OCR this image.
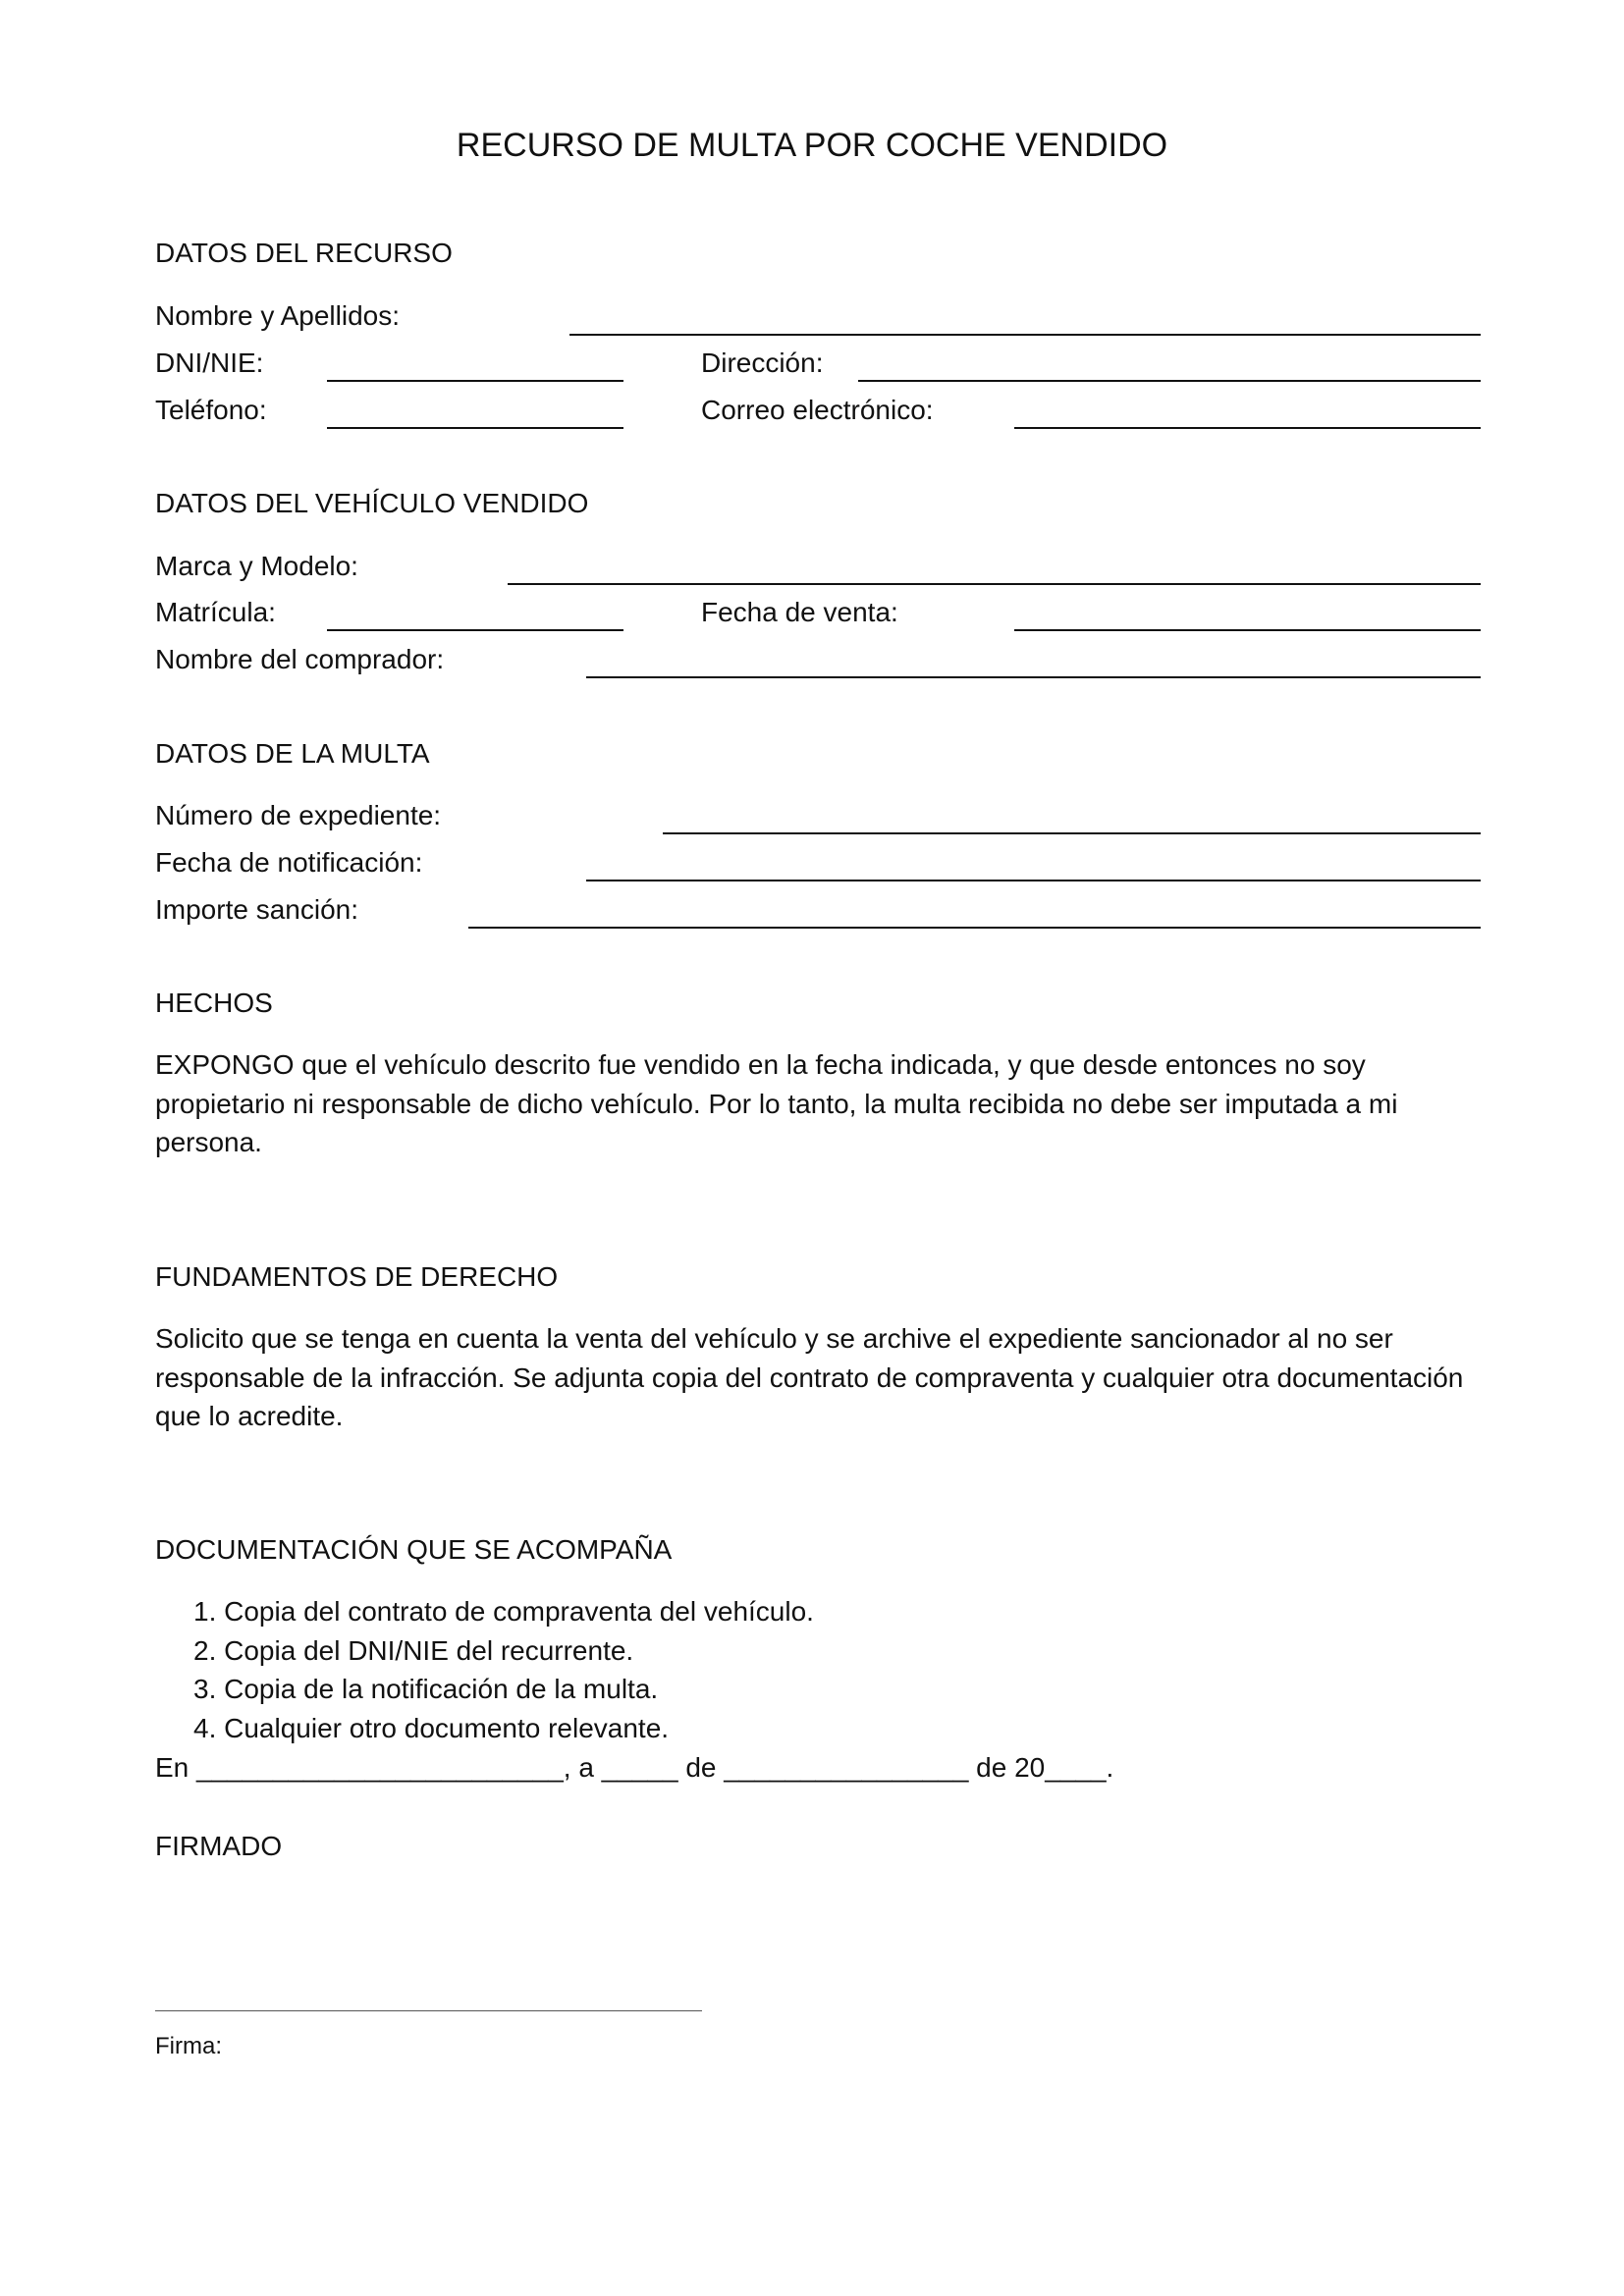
RECURSO DE MULTA POR COCHE VENDIDO
DATOS DEL RECURSO
Nombre y Apellidos:
DNI/NIE:	Dirección:
Teléfono:	Correo electrónico:
DATOS DEL VEHÍCULO VENDIDO
Marca y Modelo:
Matrícula:	Fecha de venta:
Nombre del comprador:
DATOS DE LA MULTA
Número de expediente:
Fecha de notificación:
Importe sanción:
HECHOS
EXPONGO que el vehículo descrito fue vendido en la fecha indicada, y que desde entonces no soy propietario ni responsable de dicho vehículo. Por lo tanto, la multa recibida no debe ser imputada a mi persona.
FUNDAMENTOS DE DERECHO
Solicito que se tenga en cuenta la venta del vehículo y se archive el expediente sancionador al no ser responsable de la infracción. Se adjunta copia del contrato de compraventa y cualquier otra documentación que lo acredite.
DOCUMENTACIÓN QUE SE ACOMPAÑA
1. Copia del contrato de compraventa del vehículo.
2. Copia del DNI/NIE del recurrente.
3. Copia de la notificación de la multa.
4. Cualquier otro documento relevante.
En ________________________, a _____ de ________________ de 20____.
FIRMADO
Firma:
